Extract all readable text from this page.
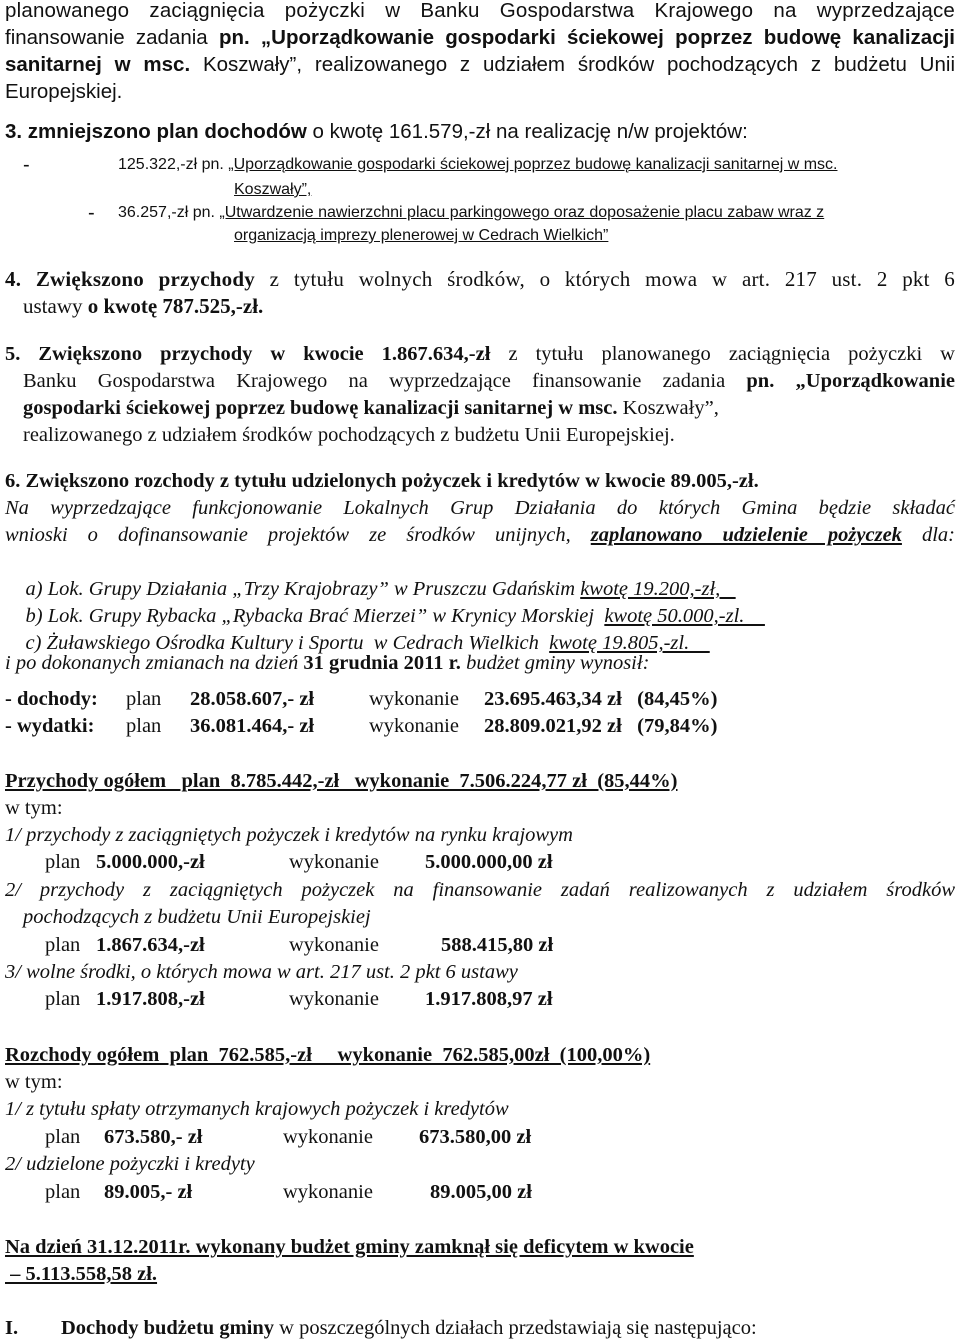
planowanego zaciągnięcia pożyczki w Banku Gospodarstwa Krajowego na wyprzedzające
finansowanie zadania pn. „Uporządkowanie gospodarki ściekowej poprzez budowę kanalizacji
sanitarnej w msc. Koszwały”, realizowanego z udziałem środków pochodzących z budżetu Unii
Europejskiej.
3. zmniejszono plan dochodów o kwotę 161.579,-zł na realizację n/w projektów:
-	125.322,-zł pn. „Uporządkowanie gospodarki ściekowej poprzez budowę kanalizacji sanitarnej w msc.
Koszwały”,
- 36.257,-zł pn. „Utwardzenie nawierzchni placu parkingowego oraz doposażenie placu zabaw wraz z
organizacją imprezy plenerowej w Cedrach Wielkich”
4. Zwiększono przychody z tytułu wolnych środków, o których mowa w art. 217 ust. 2 pkt 6
ustawy o kwotę 787.525,-zł.
5. Zwiększono przychody w kwocie 1.867.634,-zł z tytułu planowanego zaciągnięcia pożyczki w
Banku Gospodarstwa Krajowego na wyprzedzające finansowanie zadania pn. „Uporządkowanie
gospodarki ściekowej poprzez budowę kanalizacji sanitarnej w msc. Koszwały”,
realizowanego z udziałem środków pochodzących z budżetu Unii Europejskiej.
6. Zwiększono rozchody z tytułu udzielonych pożyczek i kredytów w kwocie 89.005,-zł.
Na wyprzedzające funkcjonowanie Lokalnych Grup Działania do których Gmina będzie składać
wnioski o dofinansowanie projektów ze środków unijnych, zaplanowano udzielenie pożyczek dla:

a) Lok. Grupy Działania „Trzy Krajobrazy” w Pruszczu Gdańskim kwotę 19.200,-zł,

b) Lok. Grupy Rybacka „Rybacka Brać Mierzei” w Krynicy Morskiej  kwotę 50.000,-zl.

c) Żuławskiego Ośrodka Kultury i Sportu  w Cedrach Wielkich  kwotę 19.805,-zl.

i po dokonanych zmianach na dzień 31 grudnia 2011 r. budżet gminy wynosił:
- dochody: plan 28.058.607,- zł	wykonanie 23.695.463,34 zł   (84,45%)
- wydatki: plan 36.081.464,- zł	wykonanie 28.809.021,92 zł   (79,84%)
Przychody ogółem   plan  8.785.442,-zł   wykonanie  7.506.224,77 zł  (85,44%)
w tym:
1/ przychody z zaciągniętych pożyczek i kredytów na rynku krajowym
plan 5.000.000,-zł	wykonanie 5.000.000,00 zł
2/ przychody z zaciągniętych pożyczek na finansowanie zadań realizowanych z udziałem środków
pochodzących z budżetu Unii Europejskiej
plan 1.867.634,-zł	wykonanie	588.415,80 zł
3/ wolne środki, o których mowa w art. 217 ust. 2 pkt 6 ustawy
plan 1.917.808,-zł	wykonanie 1.917.808,97 zł
Rozchody ogółem  plan  762.585,-zł     wykonanie  762.585,00zł  (100,00%)
w tym:
1/ z tytułu spłaty otrzymanych krajowych pożyczek i kredytów
plan 673.580,- zł	wykonanie 673.580,00 zł
2/ udzielone pożyczki i kredyty
plan 89.005,- zł	wykonanie	89.005,00 zł
Na dzień 31.12.2011r. wykonany budżet gminy zamknął się deficytem w kwocie
– 5.113.558,58 zł.
I. Dochody budżetu gminy w poszczególnych działach przedstawiają się następująco:
